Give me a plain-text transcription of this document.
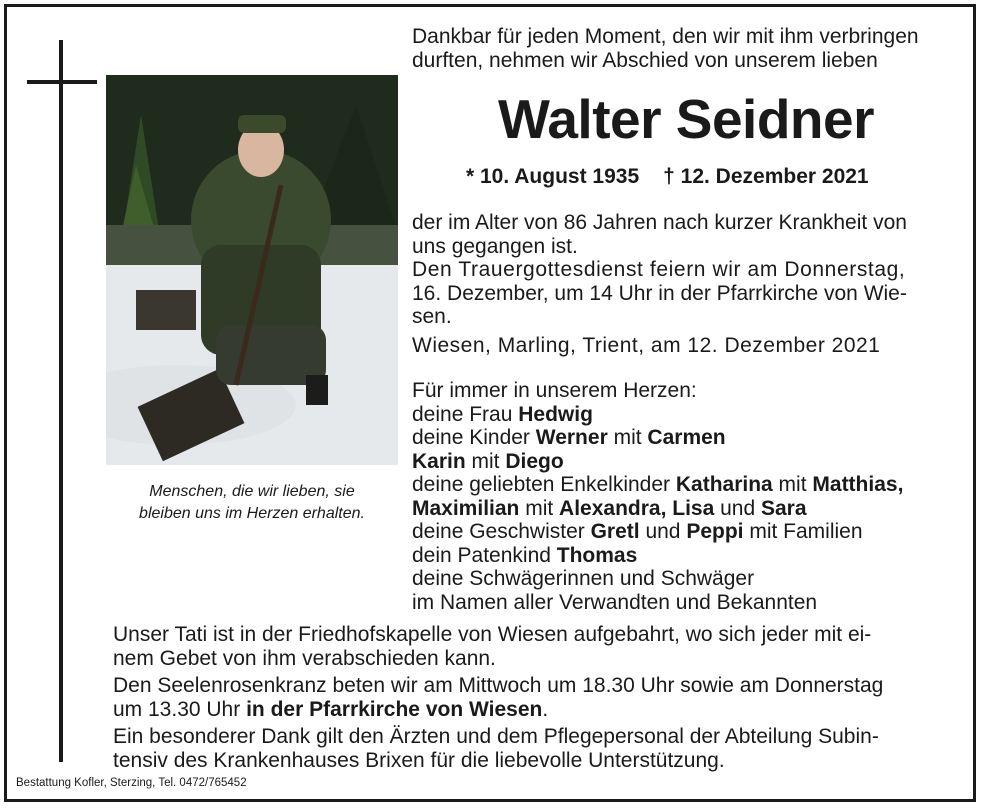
Menschen, die wir lieben, sie
bleiben uns im Herzen erhalten.
Dankbar für jeden Moment, den wir mit ihm verbringen
durften, nehmen wir Abschied von unserem lieben
Walter Seidner
* 10. August 1935 † 12. Dezember 2021
der im Alter von 86 Jahren nach kurzer Krankheit von
uns gegangen ist.
Den Trauergottesdienst feiern wir am Donnerstag,
16. Dezember, um 14 Uhr in der Pfarrkirche von Wie-
sen.
Wiesen, Marling, Trient, am 12. Dezember 2021
Für immer in unserem Herzen:
deine Frau Hedwig
deine Kinder Werner mit Carmen
Karin mit Diego
deine geliebten Enkelkinder Katharina mit Matthias,
Maximilian mit Alexandra, Lisa und Sara
deine Geschwister Gretl und Peppi mit Familien
dein Patenkind Thomas
deine Schwägerinnen und Schwäger
im Namen aller Verwandten und Bekannten
Unser Tati ist in der Friedhofskapelle von Wiesen aufgebahrt, wo sich jeder mit ei-
nem Gebet von ihm verabschieden kann.
Den Seelenrosenkranz beten wir am Mittwoch um 18.30 Uhr sowie am Donnerstag
um 13.30 Uhr in der Pfarrkirche von Wiesen.
Ein besonderer Dank gilt den Ärzten und dem Pflegepersonal der Abteilung Subin-
tensiv des Krankenhauses Brixen für die liebevolle Unterstützung.
Bestattung Kofler, Sterzing, Tel. 0472/765452
